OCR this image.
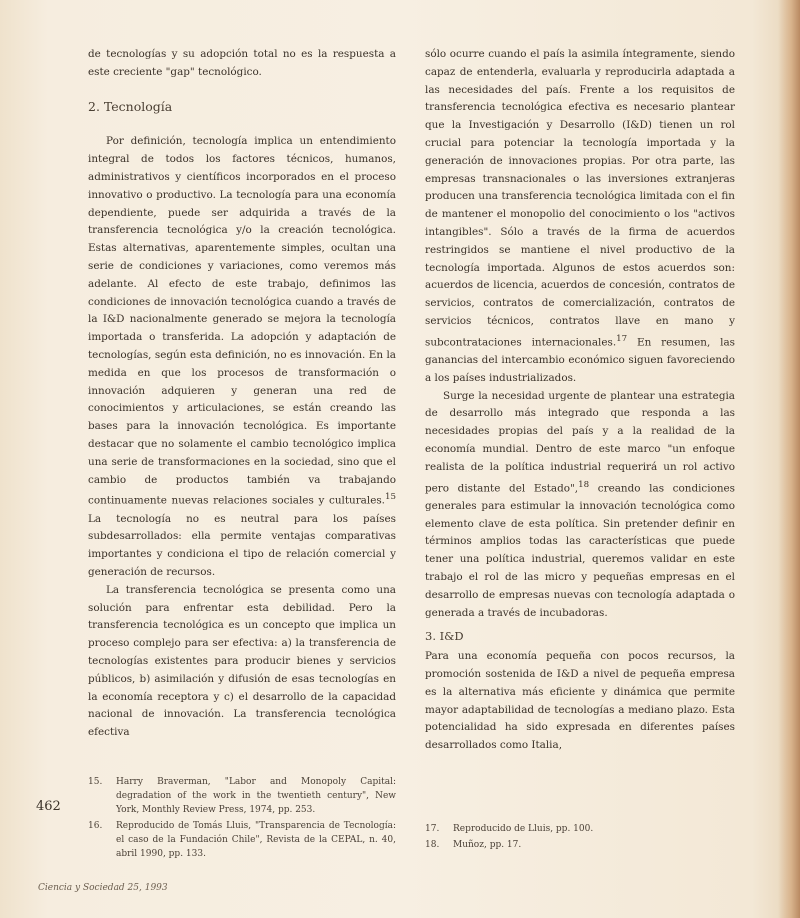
de tecnologías y su adopción total no es la respuesta a este creciente "gap" tecnológico.

2. Tecnología

Por definición, tecnología implica un entendimiento integral de todos los factores técnicos, humanos, administrativos y científicos incorporados en el proceso innovativo o productivo. La tecnología para una economía dependiente, puede ser adquirida a través de la transferencia tecnológica y/o la creación tecnológica. Estas alternativas, aparentemente simples, ocultan una serie de condiciones y variaciones, como veremos más adelante. Al efecto de este trabajo, definimos las condiciones de innovación tecnológica cuando a través de la I&D nacionalmente generado se mejora la tecnología importada o transferida. La adopción y adaptación de tecnologías, según esta definición, no es innovación. En la medida en que los procesos de transformación o innovación adquieren y generan una red de conocimientos y articulaciones, se están creando las bases para la innovación tecnológica. Es importante destacar que no solamente el cambio tecnológico implica una serie de transformaciones en la sociedad, sino que el cambio de productos también va trabajando continuamente nuevas relaciones sociales y culturales.$^{15}$ La tecnología no es neutral para los países subdesarrollados: ella permite ventajas comparativas importantes y condiciona el tipo de relación comercial y generación de recursos.

La transferencia tecnológica se presenta como una solución para enfrentar esta debilidad. Pero la transferencia tecnológica es un concepto que implica un proceso complejo para ser efectiva: a) la transferencia de tecnologías existentes para producir bienes y servicios públicos, b) asimilación y difusión de esas tecnologías en la economía receptora y c) el desarrollo de la capacidad nacional de innovación. La transferencia tecnológica efectiva

sólo ocurre cuando el país la asimila íntegramente, siendo capaz de entenderla, evaluarla y reproducirla adaptada a las necesidades del país. Frente a los requisitos de transferencia tecnológica efectiva es necesario plantear que la Investigación y Desarrollo (I&D) tienen un rol crucial para potenciar la tecnología importada y la generación de innovaciones propias. Por otra parte, las empresas transnacionales o las inversiones extranjeras producen una transferencia tecnológica limitada con el fin de mantener el monopolio del conocimiento o los "activos intangibles". Sólo a través de la firma de acuerdos restringidos se mantiene el nivel productivo de la tecnología importada. Algunos de estos acuerdos son: acuerdos de licencia, acuerdos de concesión, contratos de servicios, contratos de comercialización, contratos de servicios técnicos, contratos llave en mano y subcontrataciones internacionales.$^{17}$ En resumen, las ganancias del intercambio económico siguen favoreciendo a los países industrializados.

Surge la necesidad urgente de plantear una estrategia de desarrollo más integrado que responda a las necesidades propias del país y a la realidad de la economía mundial. Dentro de este marco "un enfoque realista de la política industrial requerirá un rol activo pero distante del Estado",$^{18}$ creando las condiciones generales para estimular la innovación tecnológica como elemento clave de esta política. Sin pretender definir en términos amplios todas las características que puede tener una política industrial, queremos validar en este trabajo el rol de las micro y pequeñas empresas en el desarrollo de empresas nuevas con tecnología adaptada o generada a través de incubadoras.

3. I&D

Para una economía pequeña con pocos recursos, la promoción sostenida de I&D a nivel de pequeña empresa es la alternativa más eficiente y dinámica que permite mayor adaptabilidad de tecnologías a mediano plazo. Esta potencialidad ha sido expresada en diferentes países desarrollados como Italia,

15.	Harry Braverman, "Labor and Monopoly Capital: degradation of the work in the twentieth century", New York, Monthly Review Press, 1974, pp. 253.
16.	Reproducido de Tomás Lluis, "Transparencia de Tecnología: el caso de la Fundación Chile", Revista de la CEPAL, n. 40, abril 1990, pp. 133.
17.	Reproducido de Lluis, pp. 100.
18.	Muñoz, pp. 17.
462
Ciencia y Sociedad 25, 1993
